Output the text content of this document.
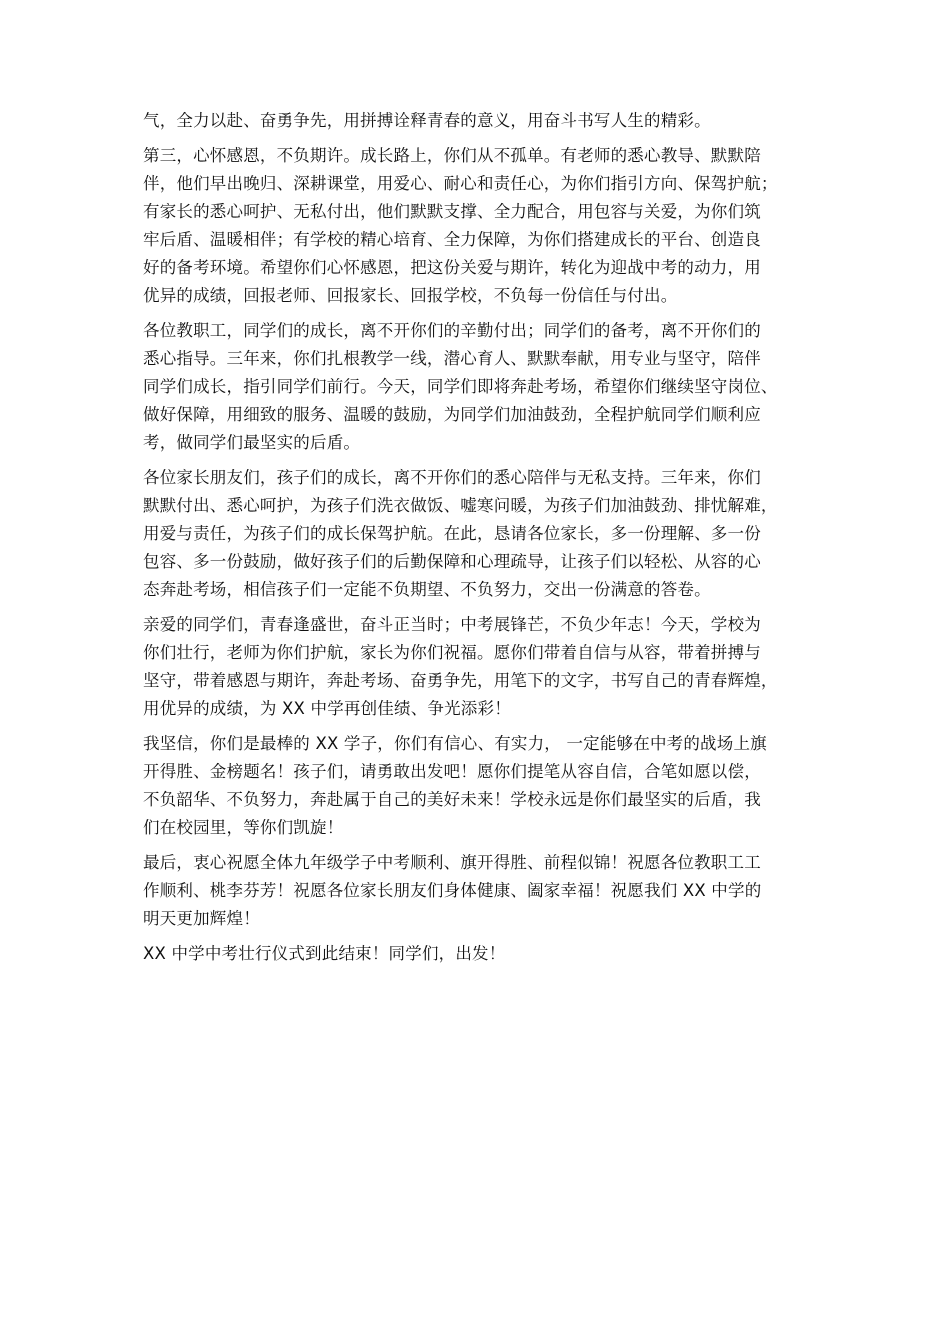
气，全力以赴、奋勇争先，用拼搏诠释青春的意义，用奋斗书写人生的精彩。
第三，心怀感恩，不负期许。成长路上，你们从不孤单。有老师的悉心教导、默默陪
伴，他们早出晚归、深耕课堂，用爱心、耐心和责任心，为你们指引方向、保驾护航；
有家长的悉心呵护、无私付出，他们默默支撑、全力配合，用包容与关爱，为你们筑
牢后盾、温暖相伴；有学校的精心培育、全力保障，为你们搭建成长的平台、创造良
好的备考环境。希望你们心怀感恩，把这份关爱与期许，转化为迎战中考的动力，用
优异的成绩，回报老师、回报家长、回报学校，不负每一份信任与付出。
各位教职工，同学们的成长，离不开你们的辛勤付出；同学们的备考，离不开你们的
悉心指导。三年来，你们扎根教学一线，潜心育人、默默奉献，用专业与坚守，陪伴
同学们成长，指引同学们前行。今天，同学们即将奔赴考场，希望你们继续坚守岗位、
做好保障，用细致的服务、温暖的鼓励，为同学们加油鼓劲，全程护航同学们顺利应
考，做同学们最坚实的后盾。
各位家长朋友们，孩子们的成长，离不开你们的悉心陪伴与无私支持。三年来，你们
默默付出、悉心呵护，为孩子们洗衣做饭、嘘寒问暖，为孩子们加油鼓劲、排忧解难，
用爱与责任，为孩子们的成长保驾护航。在此，恳请各位家长，多一份理解、多一份
包容、多一份鼓励，做好孩子们的后勤保障和心理疏导，让孩子们以轻松、从容的心
态奔赴考场，相信孩子们一定能不负期望、不负努力，交出一份满意的答卷。
亲爱的同学们，青春逢盛世，奋斗正当时；中考展锋芒，不负少年志！今天，学校为
你们壮行，老师为你们护航，家长为你们祝福。愿你们带着自信与从容，带着拼搏与
坚守，带着感恩与期许，奔赴考场、奋勇争先，用笔下的文字，书写自己的青春辉煌，
用优异的成绩，为 XX 中学再创佳绩、争光添彩！
我坚信，你们是最棒的 XX 学子，你们有信心、有实力， 一定能够在中考的战场上旗
开得胜、金榜题名！孩子们，请勇敢出发吧！愿你们提笔从容自信，合笔如愿以偿，
不负韶华、不负努力，奔赴属于自己的美好未来！学校永远是你们最坚实的后盾，我
们在校园里，等你们凯旋！
最后，衷心祝愿全体九年级学子中考顺利、旗开得胜、前程似锦！祝愿各位教职工工
作顺利、桃李芬芳！祝愿各位家长朋友们身体健康、阖家幸福！祝愿我们 XX 中学的
明天更加辉煌！
XX 中学中考壮行仪式到此结束！同学们，出发！
